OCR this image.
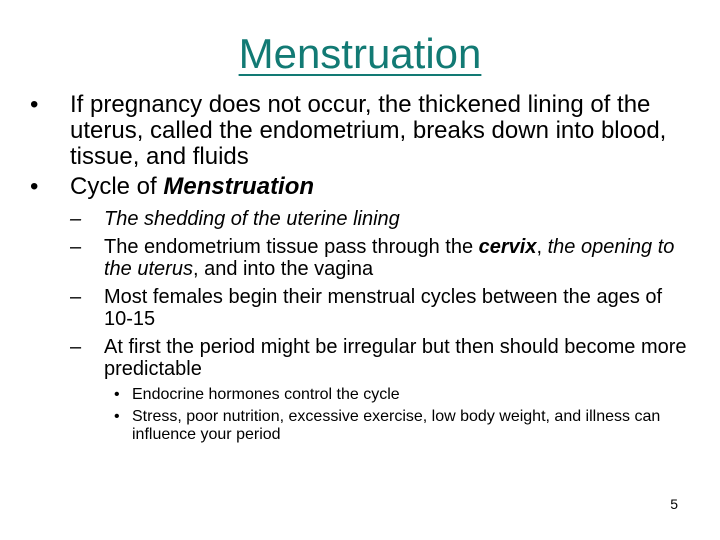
Menstruation
• If pregnancy does not occur, the thickened lining of the uterus, called the endometrium, breaks down into blood, tissue, and fluids
• Cycle of Menstruation
– The shedding of the uterine lining
– The endometrium tissue pass through the cervix, the opening to the uterus, and into the vagina
– Most females begin their menstrual cycles between the ages of 10-15
– At first the period might be irregular but then should become more predictable
• Endocrine hormones control the cycle
• Stress, poor nutrition, excessive exercise, low body weight, and illness can influence your period
5
